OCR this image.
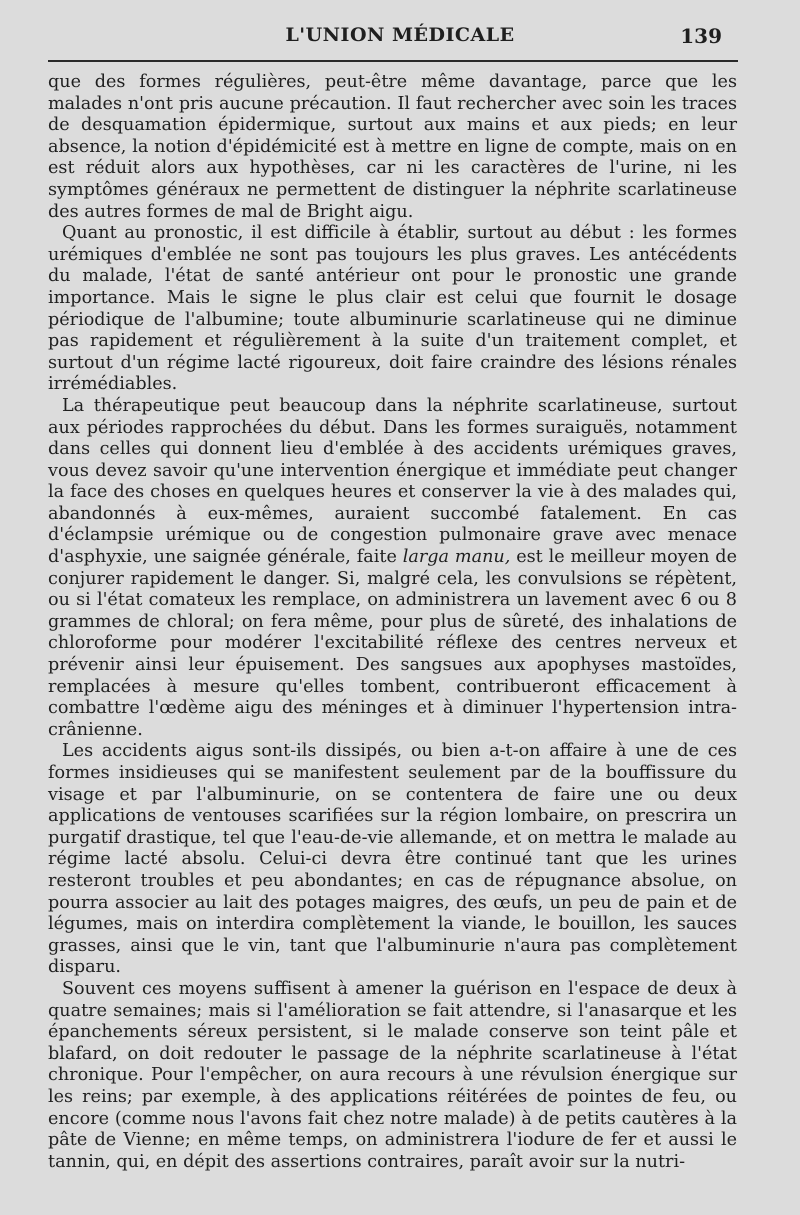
L'UNION MÉDICALE	139

que des formes régulières, peut-être même davantage, parce que les malades n'ont pris aucune précaution. Il faut rechercher avec soin les traces de desquamation épidermique, surtout aux mains et aux pieds; en leur absence, la notion d'épidémicité est à mettre en ligne de compte, mais on en est réduit alors aux hypothèses, car ni les caractères de l'urine, ni les symptômes généraux ne permettent de distinguer la néphrite scarlatineuse des autres formes de mal de Bright aigu.

Quant au pronostic, il est difficile à établir, surtout au début : les formes urémiques d'emblée ne sont pas toujours les plus graves. Les antécédents du malade, l'état de santé antérieur ont pour le pronostic une grande importance. Mais le signe le plus clair est celui que fournit le dosage périodique de l'albumine; toute albuminurie scarlatineuse qui ne diminue pas rapidement et régulièrement à la suite d'un traitement complet, et surtout d'un régime lacté rigoureux, doit faire craindre des lésions rénales irrémédiables.

La thérapeutique peut beaucoup dans la néphrite scarlatineuse, surtout aux périodes rapprochées du début. Dans les formes suraiguës, notamment dans celles qui donnent lieu d'emblée à des accidents urémiques graves, vous devez savoir qu'une intervention énergique et immédiate peut changer la face des choses en quelques heures et conserver la vie à des malades qui, abandonnés à eux-mêmes, auraient succombé fatalement. En cas d'éclampsie urémique ou de congestion pulmonaire grave avec menace d'asphyxie, une saignée générale, faite larga manu, est le meilleur moyen de conjurer rapidement le danger. Si, malgré cela, les convulsions se répètent, ou si l'état comateux les remplace, on administrera un lavement avec 6 ou 8 grammes de chloral; on fera même, pour plus de sûreté, des inhalations de chloroforme pour modérer l'excitabilité réflexe des centres nerveux et prévenir ainsi leur épuisement. Des sangsues aux apophyses mastoïdes, remplacées à mesure qu'elles tombent, contribueront efficacement à combattre l'œdème aigu des méninges et à diminuer l'hypertension intra-crânienne.

Les accidents aigus sont-ils dissipés, ou bien a-t-on affaire à une de ces formes insidieuses qui se manifestent seulement par de la bouffissure du visage et par l'albuminurie, on se contentera de faire une ou deux applications de ventouses scarifiées sur la région lombaire, on prescrira un purgatif drastique, tel que l'eau-de-vie allemande, et on mettra le malade au régime lacté absolu. Celui-ci devra être continué tant que les urines resteront troubles et peu abondantes; en cas de répugnance absolue, on pourra associer au lait des potages maigres, des œufs, un peu de pain et de légumes, mais on interdira complètement la viande, le bouillon, les sauces grasses, ainsi que le vin, tant que l'albuminurie n'aura pas complètement disparu.

Souvent ces moyens suffisent à amener la guérison en l'espace de deux à quatre semaines; mais si l'amélioration se fait attendre, si l'anasarque et les épanchements séreux persistent, si le malade conserve son teint pâle et blafard, on doit redouter le passage de la néphrite scarlatineuse à l'état chronique. Pour l'empêcher, on aura recours à une révulsion énergique sur les reins; par exemple, à des applications réitérées de pointes de feu, ou encore (comme nous l'avons fait chez notre malade) à de petits cautères à la pâte de Vienne; en même temps, on administrera l'iodure de fer et aussi le tannin, qui, en dépit des assertions contraires, paraît avoir sur la nutri-
